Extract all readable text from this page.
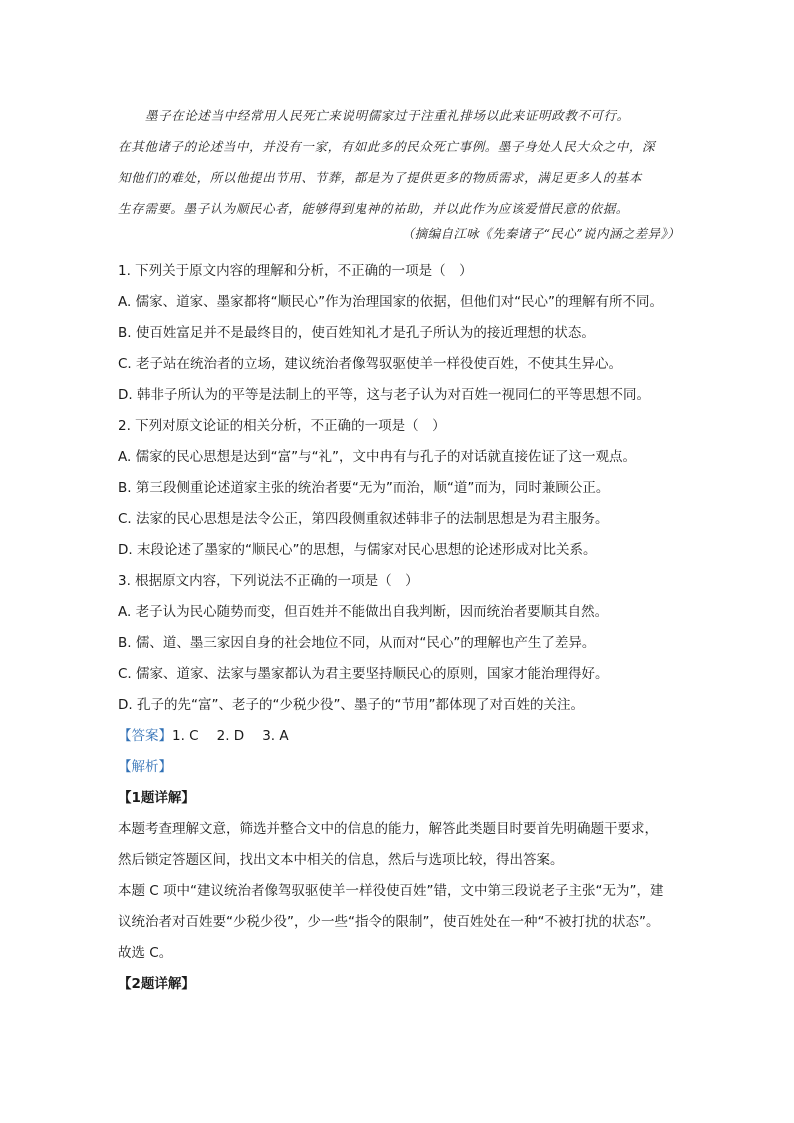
墨子在论述当中经常用人民死亡来说明儒家过于注重礼排场以此来证明政教不可行。

在其他诸子的论述当中，并没有一家，有如此多的民众死亡事例。墨子身处人民大众之中，深

知他们的难处，所以他提出节用、节葬，都是为了提供更多的物质需求，满足更多人的基本

生存需要。墨子认为顺民心者，能够得到鬼神的祐助，并以此作为应该爱惜民意的依据。

（摘编自江咏《先秦诸子“民心”说内涵之差异》）
1. 下列关于原文内容的理解和分析，不正确的一项是（　）
A. 儒家、道家、墨家都将“顺民心”作为治理国家的依据，但他们对“民心”的理解有所不同。
B. 使百姓富足并不是最终目的，使百姓知礼才是孔子所认为的接近理想的状态。
C. 老子站在统治者的立场，建议统治者像驾驭驱使羊一样役使百姓，不使其生异心。
D. 韩非子所认为的平等是法制上的平等，这与老子认为对百姓一视同仁的平等思想不同。
2. 下列对原文论证的相关分析，不正确的一项是（　）
A. 儒家的民心思想是达到“富”与“礼”，文中冉有与孔子的对话就直接佐证了这一观点。
B. 第三段侧重论述道家主张的统治者要“无为”而治，顺“道”而为，同时兼顾公正。
C. 法家的民心思想是法令公正，第四段侧重叙述韩非子的法制思想是为君主服务。
D. 末段论述了墨家的“顺民心”的思想，与儒家对民心思想的论述形成对比关系。
3. 根据原文内容，下列说法不正确的一项是（　）
A. 老子认为民心随势而变，但百姓并不能做出自我判断，因而统治者要顺其自然。
B. 儒、道、墨三家因自身的社会地位不同，从而对“民心”的理解也产生了差异。
C. 儒家、道家、法家与墨家都认为君主要坚持顺民心的原则，国家才能治理得好。
D. 孔子的先“富”、老子的“少税少役”、墨子的“节用”都体现了对百姓的关注。
【答案】1. C 2. D 3. A
【解析】
【1题详解】
本题考查理解文意，筛选并整合文中的信息的能力，解答此类题目时要首先明确题干要求，
然后锁定答题区间，找出文本中相关的信息，然后与选项比较，得出答案。
本题 C 项中“建议统治者像驾驭驱使羊一样役使百姓”错，文中第三段说老子主张“无为”，建
议统治者对百姓要“少税少役”，少一些“指令的限制”，使百姓处在一种“不被打扰的状态”。
故选 C。
【2题详解】
